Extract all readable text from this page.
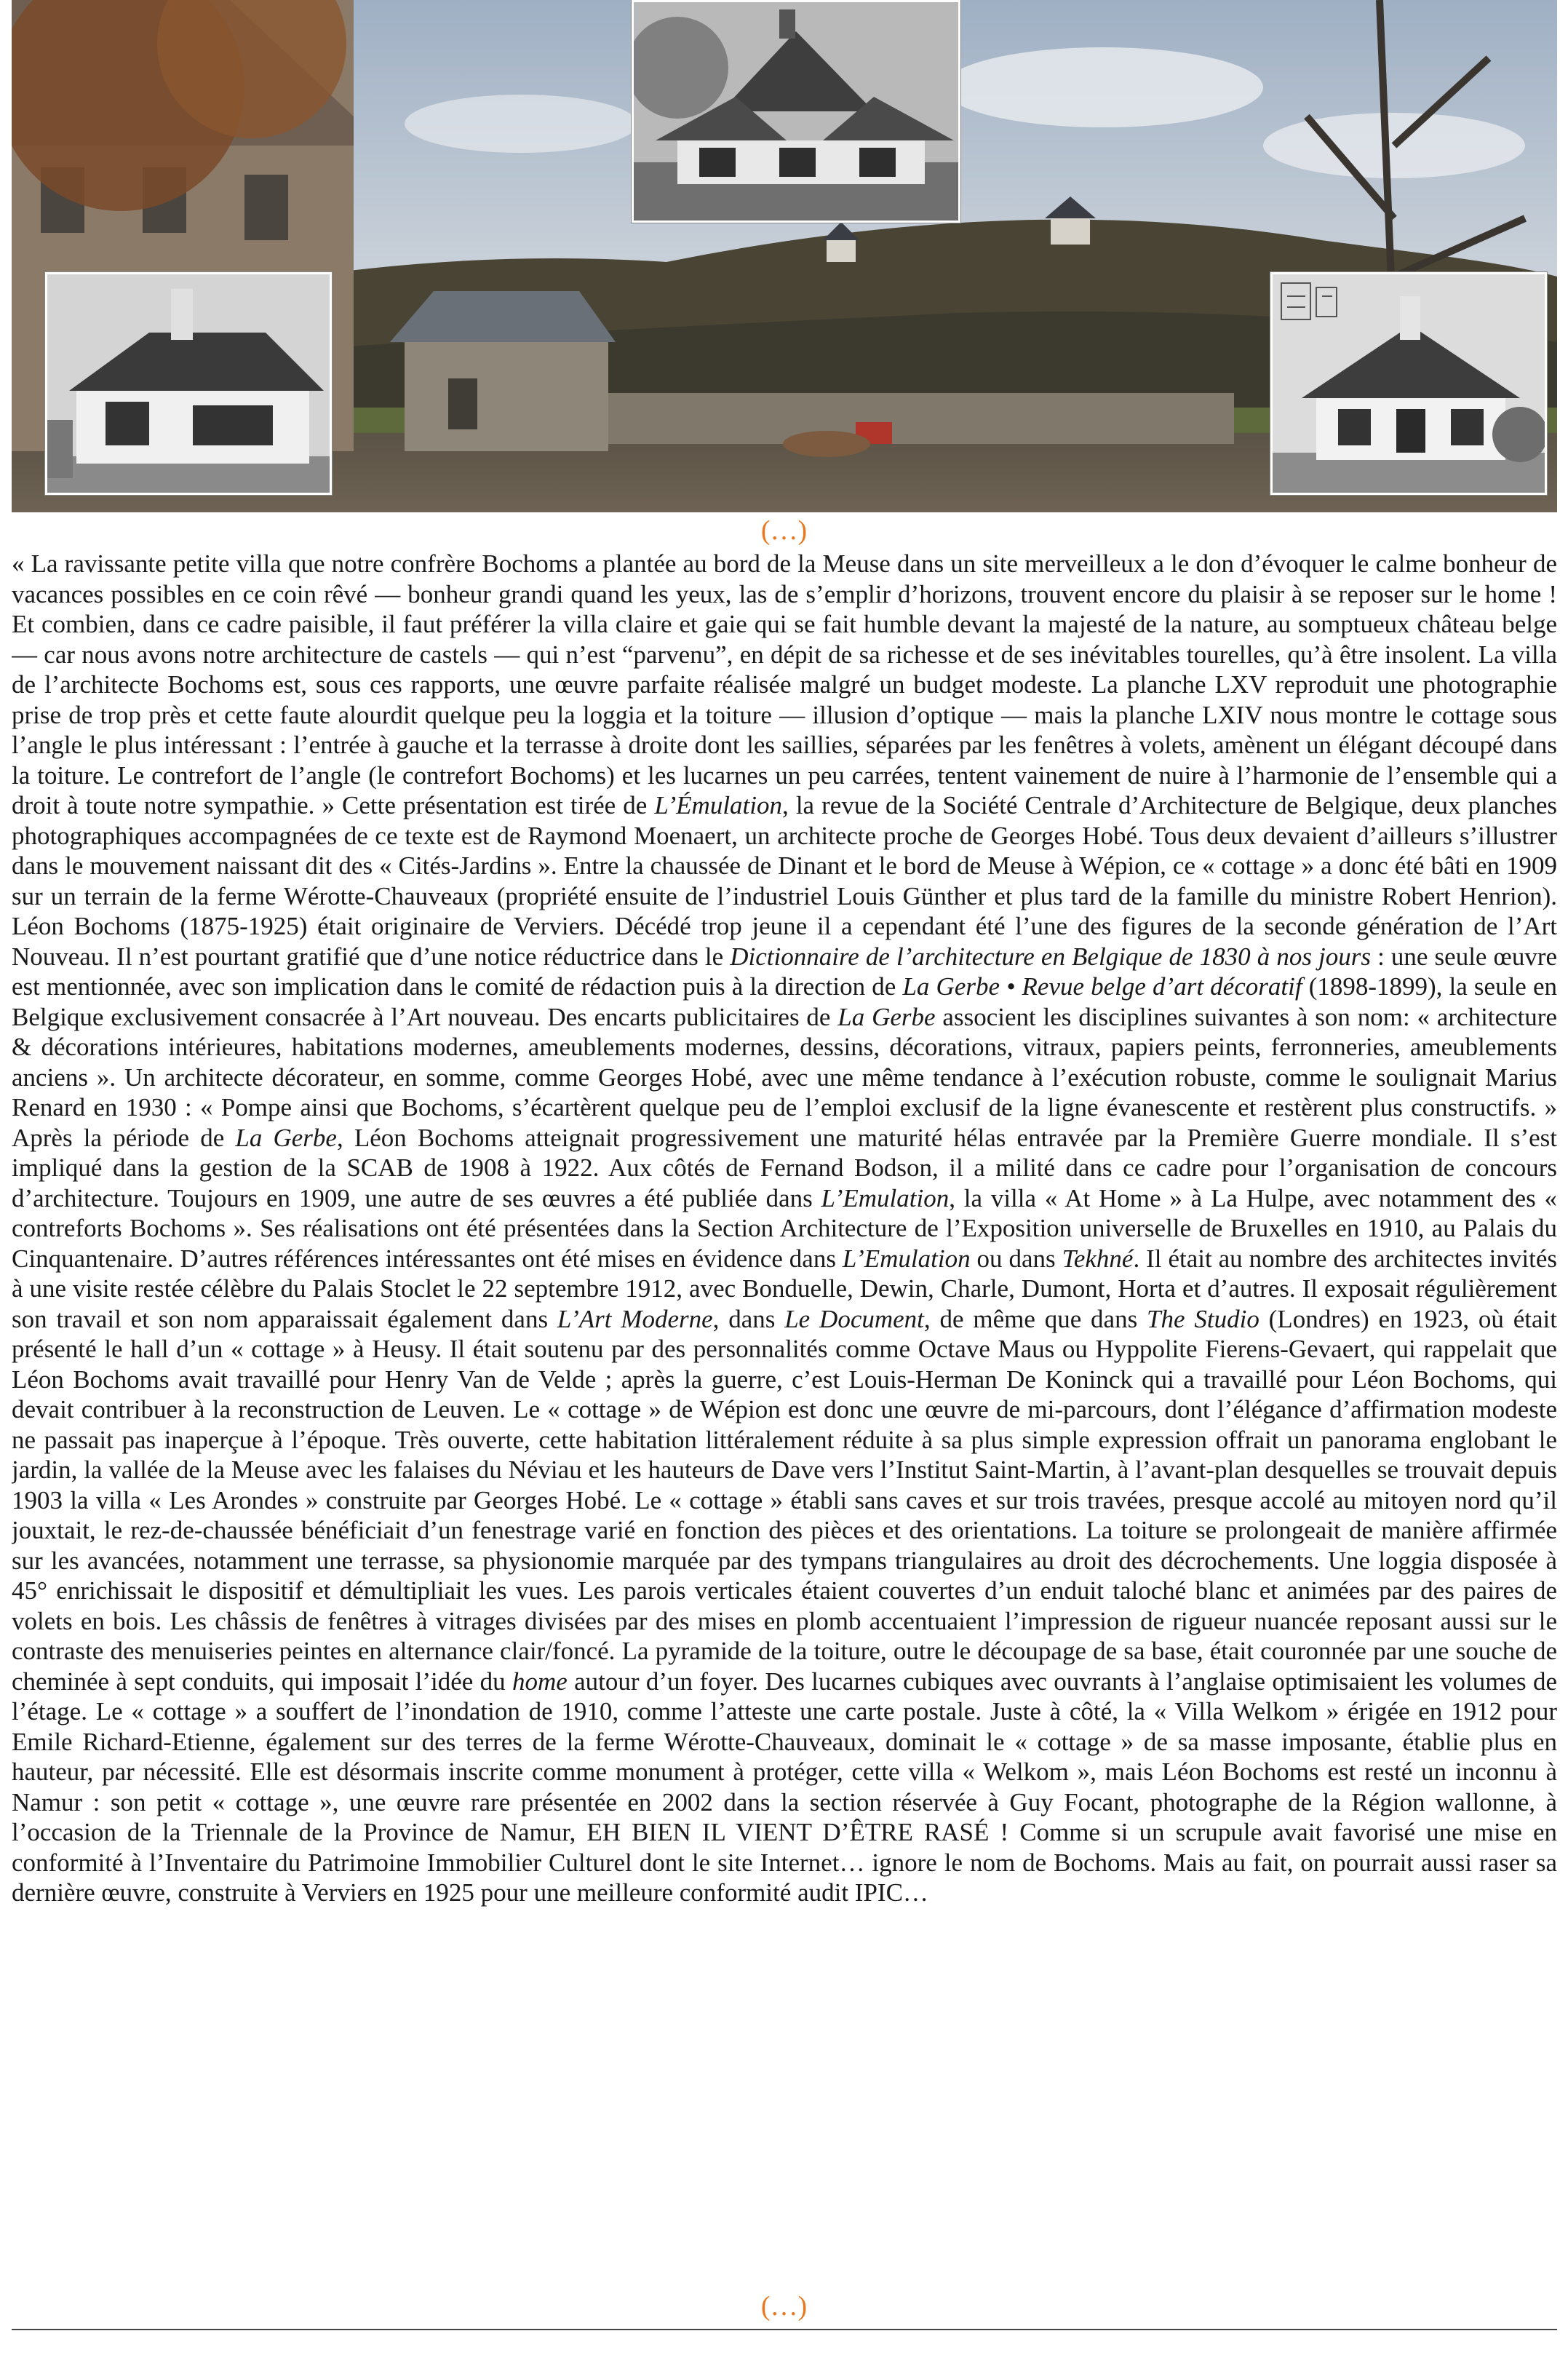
(…)

« La ravissante petite villa que notre confrère Bochoms a plantée au bord de la Meuse dans un site merveilleux a le don d’évoquer le calme bonheur de vacances possibles en ce coin rêvé — bonheur grandi quand les yeux, las de s’emplir d’horizons, trouvent encore du plaisir à se reposer sur le home ! Et combien, dans ce cadre paisible, il faut préférer la villa claire et gaie qui se fait humble devant la majesté de la nature, au somptueux château belge — car nous avons notre architecture de castels — qui n’est “parvenu”, en dépit de sa richesse et de ses inévitables tourelles, qu’à être insolent. La villa de l’architecte Bochoms est, sous ces rapports, une œuvre parfaite réalisée malgré un budget modeste. La planche LXV reproduit une photographie prise de trop près et cette faute alourdit quelque peu la loggia et la toiture — illusion d’optique — mais la planche LXIV nous montre le cottage sous l’angle le plus intéressant : l’entrée à gauche et la terrasse à droite dont les saillies, séparées par les fenêtres à volets, amènent un élégant découpé dans la toiture. Le contrefort de l’angle (le contrefort Bochoms) et les lucarnes un peu carrées, tentent vainement de nuire à l’harmonie de l’ensemble qui a droit à toute notre sympathie. » Cette présentation est tirée de L’Émulation, la revue de la Société Centrale d’Architecture de Belgique, deux planches photographiques accompagnées de ce texte est de Raymond Moenaert, un architecte proche de Georges Hobé. Tous deux devaient d’ailleurs s’illustrer dans le mouvement naissant dit des « Cités-Jardins ». Entre la chaussée de Dinant et le bord de Meuse à Wépion, ce « cottage » a donc été bâti en 1909 sur un terrain de la ferme Wérotte-Chauveaux (propriété ensuite de l’industriel Louis Günther et plus tard de la famille du ministre Robert Henrion). Léon Bochoms (1875-1925) était originaire de Verviers. Décédé trop jeune il a cependant été l’une des figures de la seconde génération de l’Art Nouveau. Il n’est pourtant gratifié que d’une notice réductrice dans le Dictionnaire de l’architecture en Belgique de 1830 à nos jours : une seule œuvre est mentionnée, avec son implication dans le comité de rédaction puis à la direction de La Gerbe • Revue belge d’art décoratif (1898-1899), la seule en Belgique exclusivement consacrée à l’Art nouveau. Des encarts publicitaires de La Gerbe associent les disciplines suivantes à son nom: « architecture & décorations intérieures, habitations modernes, ameublements modernes, dessins, décorations, vitraux, papiers peints, ferronneries, ameublements anciens ». Un architecte décorateur, en somme, comme Georges Hobé, avec une même tendance à l’exécution robuste, comme le soulignait Marius Renard en 1930 : « Pompe ainsi que Bochoms, s’écartèrent quelque peu de l’emploi exclusif de la ligne évanescente et restèrent plus constructifs. » Après la période de La Gerbe, Léon Bochoms atteignait progressivement une maturité hélas entravée par la Première Guerre mondiale. Il s’est impliqué dans la gestion de la SCAB de 1908 à 1922. Aux côtés de Fernand Bodson, il a milité dans ce cadre pour l’organisation de concours d’architecture. Toujours en 1909, une autre de ses œuvres a été publiée dans L’Emulation, la villa « At Home » à La Hulpe, avec notamment des « contreforts Bochoms ». Ses réalisations ont été présentées dans la Section Architecture de l’Exposition universelle de Bruxelles en 1910, au Palais du Cinquantenaire. D’autres références intéressantes ont été mises en évidence dans L’Emulation ou dans Tekhné. Il était au nombre des architectes invités à une visite restée célèbre du Palais Stoclet le 22 septembre 1912, avec Bonduelle, Dewin, Charle, Dumont, Horta et d’autres. Il exposait régulièrement son travail et son nom apparaissait également dans L’Art Moderne, dans Le Document, de même que dans The Studio (Londres) en 1923, où était présenté le hall d’un « cottage » à Heusy. Il était soutenu par des personnalités comme Octave Maus ou Hyppolite Fierens-Gevaert, qui rappelait que Léon Bochoms avait travaillé pour Henry Van de Velde ; après la guerre, c’est Louis-Herman De Koninck qui a travaillé pour Léon Bochoms, qui devait contribuer à la reconstruction de Leuven. Le « cottage » de Wépion est donc une œuvre de mi-parcours, dont l’élégance d’affirmation modeste ne passait pas inaperçue à l’époque. Très ouverte, cette habitation littéralement réduite à sa plus simple expression offrait un panorama englobant le jardin, la vallée de la Meuse avec les falaises du Néviau et les hauteurs de Dave vers l’Institut Saint-Martin, à l’avant-plan desquelles se trouvait depuis 1903 la villa « Les Arondes » construite par Georges Hobé. Le « cottage » établi sans caves et sur trois travées, presque accolé au mitoyen nord qu’il jouxtait, le rez-de-chaussée bénéficiait d’un fenestrage varié en fonction des pièces et des orientations. La toiture se prolongeait de manière affirmée sur les avancées, notamment une terrasse, sa physionomie marquée par des tympans triangulaires au droit des décrochements. Une loggia disposée à 45° enrichissait le dispositif et démultipliait les vues. Les parois verticales étaient couvertes d’un enduit taloché blanc et animées par des paires de volets en bois. Les châssis de fenêtres à vitrages divisées par des mises en plomb accentuaient l’impression de rigueur nuancée reposant aussi sur le contraste des menuiseries peintes en alternance clair/foncé. La pyramide de la toiture, outre le découpage de sa base, était couronnée par une souche de cheminée à sept conduits, qui imposait l’idée du home autour d’un foyer. Des lucarnes cubiques avec ouvrants à l’anglaise optimisaient les volumes de l’étage. Le « cottage » a souffert de l’inondation de 1910, comme l’atteste une carte postale. Juste à côté, la « Villa Welkom » érigée en 1912 pour Emile Richard-Etienne, également sur des terres de la ferme Wérotte-Chauveaux, dominait le « cottage » de sa masse imposante, établie plus en hauteur, par nécessité. Elle est désormais inscrite comme monument à protéger, cette villa « Welkom », mais Léon Bochoms est resté un inconnu à Namur : son petit « cottage », une œuvre rare présentée en 2002 dans la section réservée à Guy Focant, photographe de la Région wallonne, à l’occasion de la Triennale de la Province de Namur, EH BIEN IL VIENT D’ÊTRE RASÉ ! Comme si un scrupule avait favorisé une mise en conformité à l’Inventaire du Patrimoine Immobilier Culturel dont le site Internet… ignore le nom de Bochoms. Mais au fait, on pourrait aussi raser sa dernière œuvre, construite à Verviers en 1925 pour une meilleure conformité audit IPIC…

(…)
